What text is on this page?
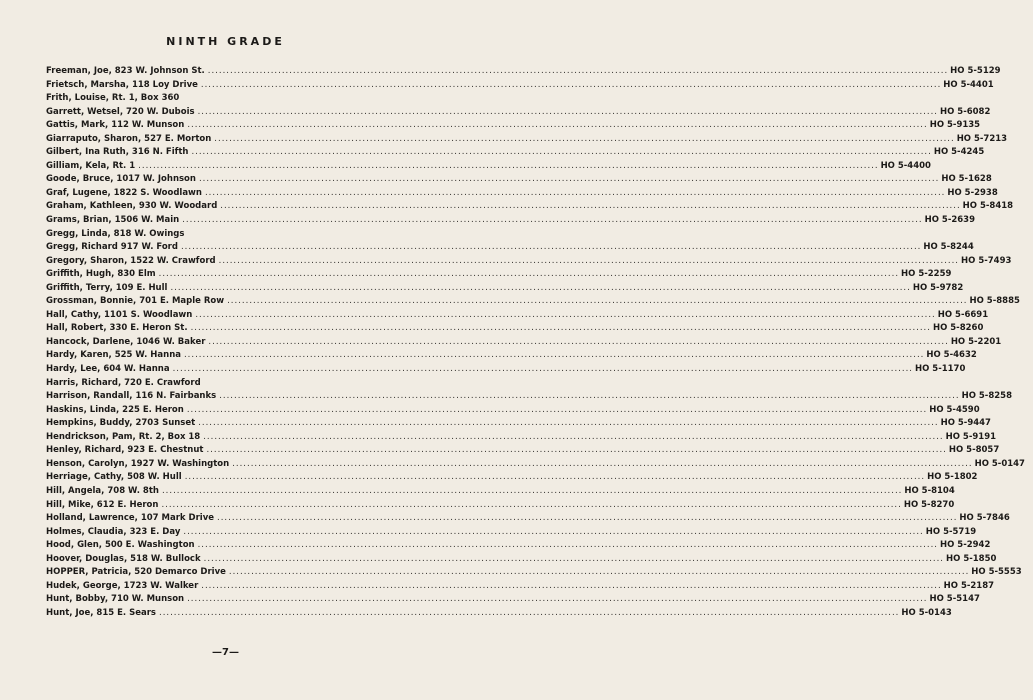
NINTH GRADE
Freeman, Joe, 823 W. Johnson St. ........................................................................................................................................................................................................ HO 5-5129
Frietsch, Marsha, 118 Loy Drive ........................................................................................................................................................................................................ HO 5-4401
Frith, Louise, Rt. 1, Box 360
Garrett, Wetsel, 720 W. Dubois ........................................................................................................................................................................................................ HO 5-6082
Gattis, Mark, 112 W. Munson ........................................................................................................................................................................................................ HO 5-9135
Giarraputo, Sharon, 527 E. Morton ........................................................................................................................................................................................................ HO 5-7213
Gilbert, Ina Ruth, 316 N. Fifth ........................................................................................................................................................................................................ HO 5-4245
Gilliam, Kela, Rt. 1 ........................................................................................................................................................................................................ HO 5-4400
Goode, Bruce, 1017 W. Johnson ........................................................................................................................................................................................................ HO 5-1628
Graf, Lugene, 1822 S. Woodlawn ........................................................................................................................................................................................................ HO 5-2938
Graham, Kathleen, 930 W. Woodard ........................................................................................................................................................................................................ HO 5-8418
Grams, Brian, 1506 W. Main ........................................................................................................................................................................................................ HO 5-2639
Gregg, Linda, 818 W. Owings
Gregg, Richard 917 W. Ford ........................................................................................................................................................................................................ HO 5-8244
Gregory, Sharon, 1522 W. Crawford ........................................................................................................................................................................................................ HO 5-7493
Griffith, Hugh, 830 Elm ........................................................................................................................................................................................................ HO 5-2259
Griffith, Terry, 109 E. Hull ........................................................................................................................................................................................................ HO 5-9782
Grossman, Bonnie, 701 E. Maple Row ........................................................................................................................................................................................................ HO 5-8885
Hall, Cathy, 1101 S. Woodlawn ........................................................................................................................................................................................................ HO 5-6691
Hall, Robert, 330 E. Heron St. ........................................................................................................................................................................................................ HO 5-8260
Hancock, Darlene, 1046 W. Baker ........................................................................................................................................................................................................ HO 5-2201
Hardy, Karen, 525 W. Hanna ........................................................................................................................................................................................................ HO 5-4632
Hardy, Lee, 604 W. Hanna ........................................................................................................................................................................................................ HO 5-1170
Harris, Richard, 720 E. Crawford
Harrison, Randall, 116 N. Fairbanks ........................................................................................................................................................................................................ HO 5-8258
Haskins, Linda, 225 E. Heron ........................................................................................................................................................................................................ HO 5-4590
Hempkins, Buddy, 2703 Sunset ........................................................................................................................................................................................................ HO 5-9447
Hendrickson, Pam, Rt. 2, Box 18 ........................................................................................................................................................................................................ HO 5-9191
Henley, Richard, 923 E. Chestnut ........................................................................................................................................................................................................ HO 5-8057
Henson, Carolyn, 1927 W. Washington ........................................................................................................................................................................................................ HO 5-0147
Herriage, Cathy, 508 W. Hull ........................................................................................................................................................................................................ HO 5-1802
Hill, Angela, 708 W. 8th ........................................................................................................................................................................................................ HO 5-8104
Hill, Mike, 612 E. Heron ........................................................................................................................................................................................................ HO 5-8270
Holland, Lawrence, 107 Mark Drive ........................................................................................................................................................................................................ HO 5-7846
Holmes, Claudia, 323 E. Day ........................................................................................................................................................................................................ HO 5-5719
Hood, Glen, 500 E. Washington ........................................................................................................................................................................................................ HO 5-2942
Hoover, Douglas, 518 W. Bullock ........................................................................................................................................................................................................ HO 5-1850
HOPPER, Patricia, 520 Demarco Drive ........................................................................................................................................................................................................ HO 5-5553
Hudek, George, 1723 W. Walker ........................................................................................................................................................................................................ HO 5-2187
Hunt, Bobby, 710 W. Munson ........................................................................................................................................................................................................ HO 5-5147
Hunt, Joe, 815 E. Sears ........................................................................................................................................................................................................ HO 5-0143
—7—
